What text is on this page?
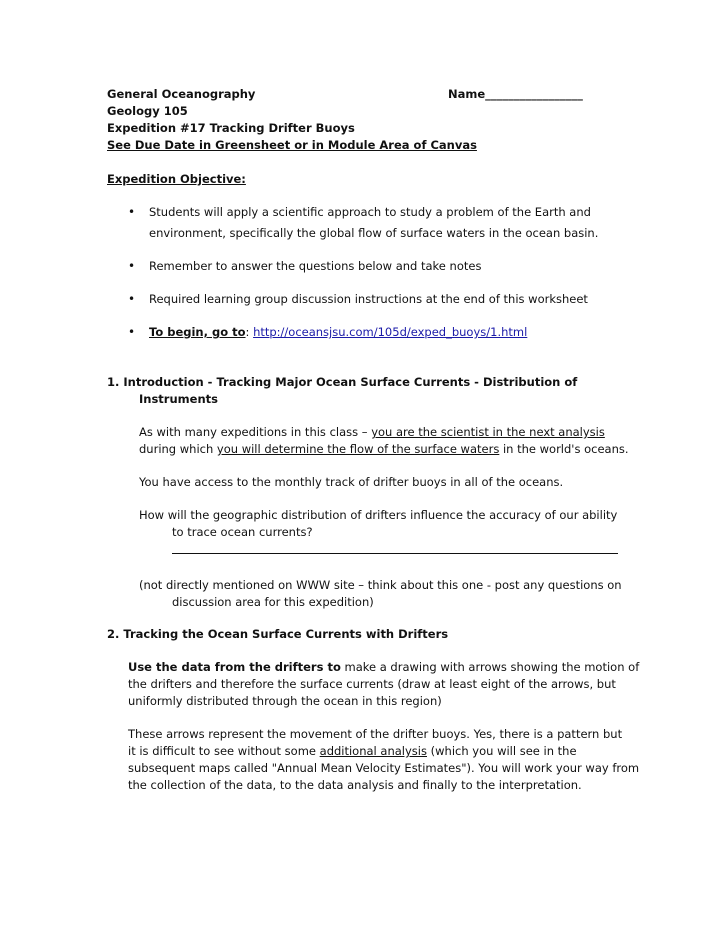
General Oceanography	Name_________________
Geology 105
Expedition #17 Tracking Drifter Buoys
See Due Date in Greensheet or in Module Area of Canvas
Expedition Objective:
• Students will apply a scientific approach to study a problem of the Earth and
environment, specifically the global flow of surface waters in the ocean basin.
• Remember to answer the questions below and take notes
• Required learning group discussion instructions at the end of this worksheet
• To begin, go to: http://oceansjsu.com/105d/exped_buoys/1.html
1. Introduction - Tracking Major Ocean Surface Currents - Distribution of
Instruments
As with many expeditions in this class – you are the scientist in the next analysis
during which you will determine the flow of the surface waters in the world's oceans.
You have access to the monthly track of drifter buoys in all of the oceans.
How will the geographic distribution of drifters influence the accuracy of our ability
to trace ocean currents?
(not directly mentioned on WWW site – think about this one - post any questions on
discussion area for this expedition)
2. Tracking the Ocean Surface Currents with Drifters
Use the data from the drifters to make a drawing with arrows showing the motion of
the drifters and therefore the surface currents (draw at least eight of the arrows, but
uniformly distributed through the ocean in this region)
These arrows represent the movement of the drifter buoys. Yes, there is a pattern but
it is difficult to see without some additional analysis (which you will see in the
subsequent maps called "Annual Mean Velocity Estimates"). You will work your way from
the collection of the data, to the data analysis and finally to the interpretation.
